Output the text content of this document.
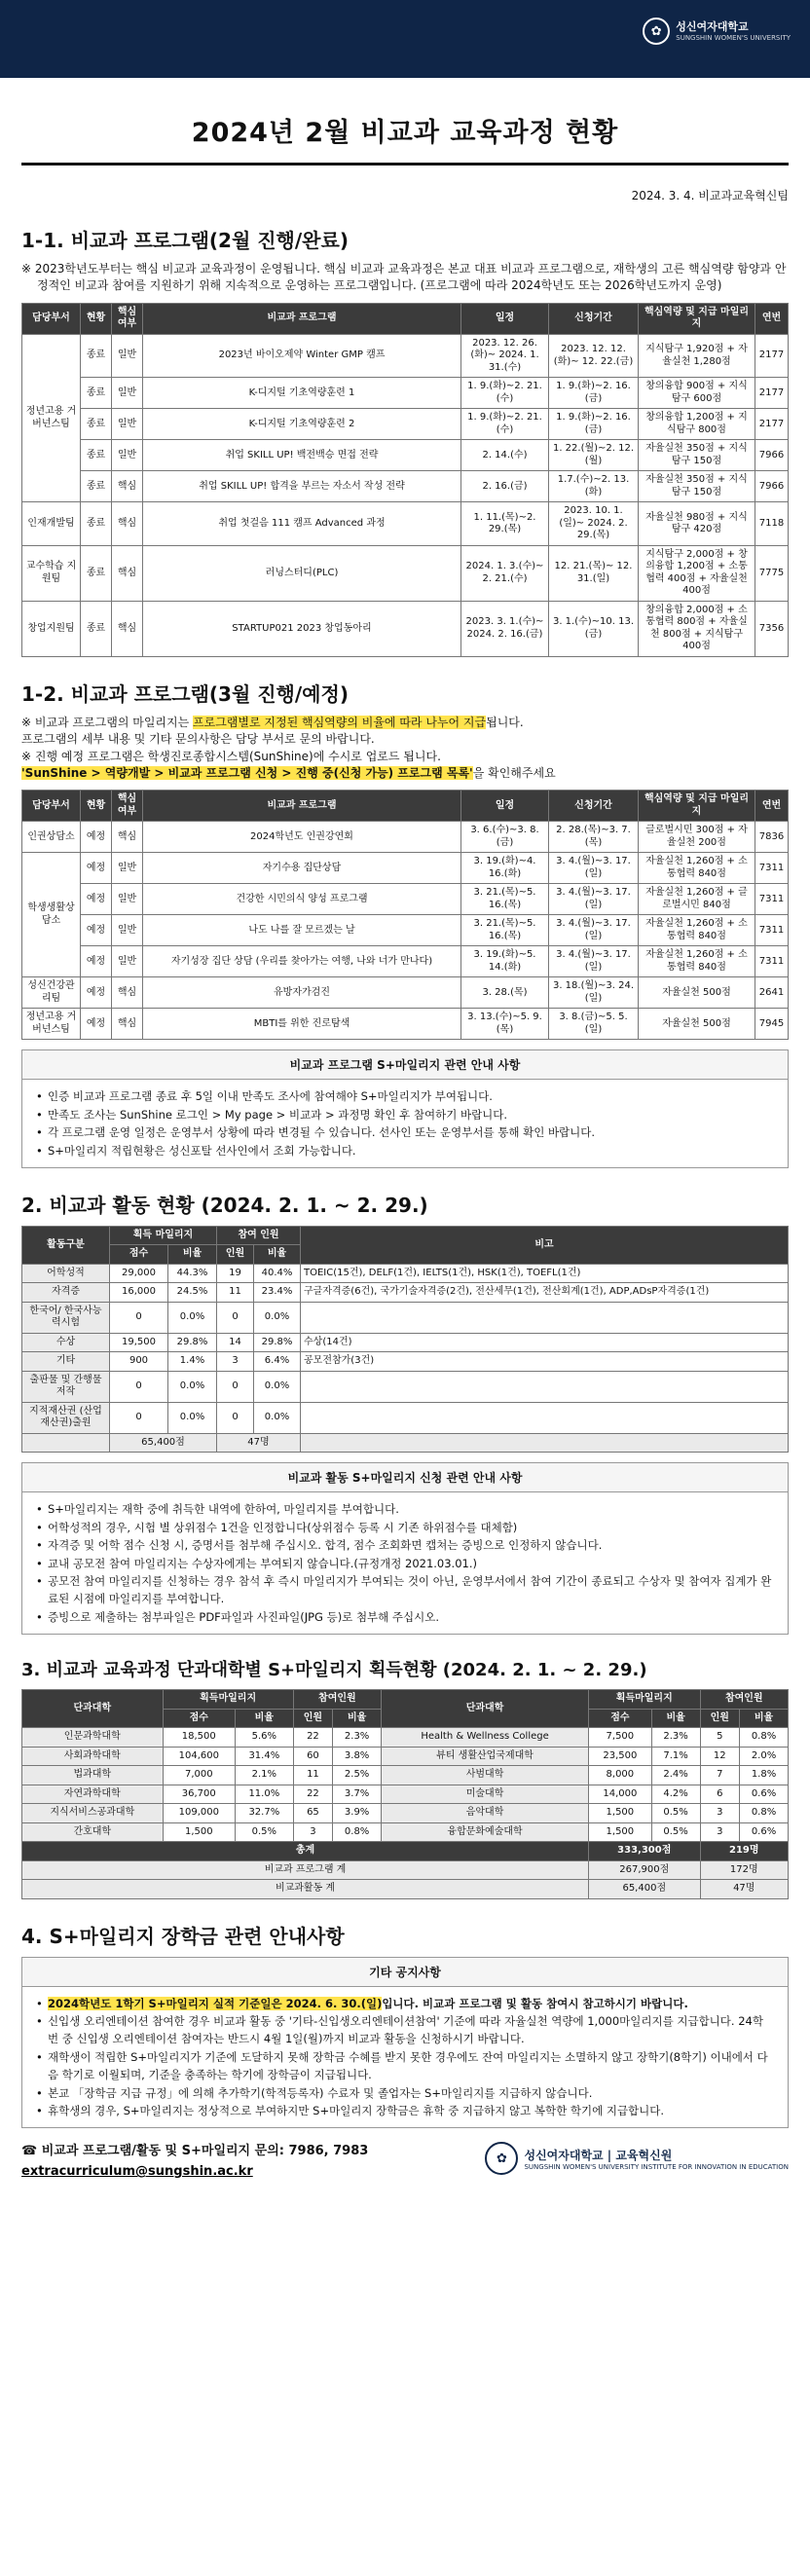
✿	성신여자대학교
SUNGSHIN WOMEN'S UNIVERSITY
2024년 2월 비교과 교육과정 현황
2024. 3. 4. 비교과교육혁신팀
1-1. 비교과 프로그램(2월 진행/완료)

※ 2023학년도부터는 핵심 비교과 교육과정이 운영됩니다. 핵심 비교과 교육과정은 본교 대표 비교과 프로그램으로, 재학생의 고른 핵심역량 함양과 안정적인 비교과 참여를 지원하기 위해 지속적으로 운영하는 프로그램입니다. (프로그램에 따라 2024학년도 또는 2026학년도까지 운영)

담당부서	현황	핵심여부	비교과 프로그램	일정	신청기간	핵심역량 및 지급 마일리지	연번
정년고용 거버넌스팀	종료	일반	2023년 바이오제약 Winter GMP 캠프	2023. 12. 26.(화)~ 2024. 1. 31.(수)	2023. 12. 12.(화)~ 12. 22.(금)	지식탐구 1,920점 + 자율실천 1,280점	2177
	종료	일반	K-디지털 기초역량훈련 1	1. 9.(화)~2. 21.(수)	1. 9.(화)~2. 16.(금)	창의융합 900점 + 지식탐구 600점	2177
	종료	일반	K-디지털 기초역량훈련 2	1. 9.(화)~2. 21.(수)	1. 9.(화)~2. 16.(금)	창의융합 1,200점 + 지식탐구 800점	2177
	종료	일반	취업 SKILL UP! 백전백승 면접 전략	2. 14.(수)	1. 22.(월)~2. 12.(월)	자율실천 350점 + 지식탐구 150점	7966
	종료	핵심	취업 SKILL UP! 합격을 부르는 자소서 작성 전략	2. 16.(금)	1.7.(수)~2. 13.(화)	자율실천 350점 + 지식탐구 150점	7966
인재개발팀	종료	핵심	취업 첫걸음 111 캠프 Advanced 과정	1. 11.(목)~2. 29.(목)	2023. 10. 1.(일)~ 2024. 2. 29.(목)	자율실천 980점 + 지식탐구 420점	7118
교수학습 지원팀	종료	핵심	러닝스터디(PLC)	2024. 1. 3.(수)~ 2. 21.(수)	12. 21.(목)~ 12. 31.(일)	지식탐구 2,000점 + 창의융합 1,200점 + 소통협력 400점 + 자율실천 400점	7775
창업지원팀	종료	핵심	STARTUP021 2023 창업동아리	2023. 3. 1.(수)~ 2024. 2. 16.(금)	3. 1.(수)~10. 13.(금)	창의융합 2,000점 + 소통협력 800점 + 자율실천 800점 + 지식탐구 400점	7356
1-2. 비교과 프로그램(3월 진행/예정)

※ 비교과 프로그램의 마일리지는 프로그램별로 지정된 핵심역량의 비율에 따라 나누어 지급됩니다.

프로그램의 세부 내용 및 기타 문의사항은 담당 부서로 문의 바랍니다.

※ 진행 예정 프로그램은 학생진로종합시스템(SunShine)에 수시로 업로드 됩니다.

'SunShine > 역량개발 > 비교과 프로그램 신청 > 진행 중(신청 가능) 프로그램 목록'을 확인해주세요

담당부서	현황	핵심여부	비교과 프로그램	일정	신청기간	핵심역량 및 지급 마일리지	연번
인권상담소	예정	핵심	2024학년도 인권강연회	3. 6.(수)~3. 8.(금)	2. 28.(목)~3. 7.(목)	글로벌시민 300점 + 자율실천 200점	7836
학생생활상담소	예정	일반	자기수용 집단상담	3. 19.(화)~4. 16.(화)	3. 4.(월)~3. 17.(일)	자율실천 1,260점 + 소통협력 840점	7311
	예정	일반	건강한 시민의식 양성 프로그램	3. 21.(목)~5. 16.(목)	3. 4.(월)~3. 17.(일)	자율실천 1,260점 + 글로벌시민 840점	7311
	예정	일반	나도 나를 잘 모르겠는 날	3. 21.(목)~5. 16.(목)	3. 4.(월)~3. 17.(일)	자율실천 1,260점 + 소통협력 840점	7311
	예정	일반	자기성장 집단 상담 (우리를 찾아가는 여행, 나와 너가 만나다)	3. 19.(화)~5. 14.(화)	3. 4.(월)~3. 17.(일)	자율실천 1,260점 + 소통협력 840점	7311
성신건강관리팀	예정	핵심	유방자가검진	3. 28.(목)	3. 18.(월)~3. 24.(일)	자율실천 500점	2641
정년고용 거버넌스팀	예정	핵심	MBTI를 위한 진로탐색	3. 13.(수)~5. 9.(목)	3. 8.(금)~5. 5.(일)	자율실천 500점	7945
비교과 프로그램 S+마일리지 관련 안내 사항
• 인증 비교과 프로그램 종료 후 5일 이내 만족도 조사에 참여해야 S+마일리지가 부여됩니다.
• 만족도 조사는 SunShine 로그인 > My page > 비교과 > 과정명 확인 후 참여하기 바랍니다.
• 각 프로그램 운영 일정은 운영부서 상황에 따라 변경될 수 있습니다. 선사인 또는 운영부서를 통해 확인 바랍니다.
• S+마일리지 적립현황은 성신포탈 선사인에서 조회 가능합니다.
2. 비교과 활동 현황 (2024. 2. 1. ~ 2. 29.)
활동구분	획득 마일리지		참여 인원		비고
	점수	비율	인원	비율	
어학성적	29,000	44.3%	19	40.4%	TOEIC(15건), DELF(1건), IELTS(1건), HSK(1건), TOEFL(1건)
자격증	16,000	24.5%	11	23.4%	구글자격증(6건), 국가기술자격증(2건), 전산세무(1건), 전산회계(1건), ADP,ADsP자격증(1건)
한국어/ 한국사능력시험	0	0.0%	0	0.0%	
수상	19,500	29.8%	14	29.8%	수상(14건)
기타	900	1.4%	3	6.4%	공모전참가(3건)
출판물 및 간행물 저작	0	0.0%	0	0.0%	
지적재산권 (산업재산권)출원	0	0.0%	0	0.0%	
	65,400점		47명		
비교과 활동 S+마일리지 신청 관련 안내 사항
• S+마일리지는 재학 중에 취득한 내역에 한하여, 마일리지를 부여합니다.
• 어학성적의 경우, 시험 별 상위점수 1건을 인정합니다(상위점수 등록 시 기존 하위점수를 대체함)
• 자격증 및 어학 점수 신청 시, 증명서를 첨부해 주십시오. 합격, 점수 조회화면 캡쳐는 증빙으로 인정하지 않습니다.
• 교내 공모전 참여 마일리지는 수상자에게는 부여되지 않습니다.(규정개정 2021.03.01.)
• 공모전 참여 마일리지를 신청하는 경우 참석 후 즉시 마일리지가 부여되는 것이 아닌, 운영부서에서 참여 기간이 종료되고 수상자 및 참여자 집계가 완료된 시점에 마일리지를 부여합니다.
• 증빙으로 제출하는 첨부파일은 PDF파일과 사진파일(JPG 등)로 첨부해 주십시오.
3. 비교과 교육과정 단과대학별 S+마일리지 획득현황 (2024. 2. 1. ~ 2. 29.)
단과대학	획득마일리지		참여인원		단과대학	획득마일리지		참여인원	
	점수	비율	인원	비율		점수	비율	인원	비율
인문과학대학	18,500	5.6%	22	2.3%	Health & Wellness College	7,500	2.3%	5	0.8%
사회과학대학	104,600	31.4%	60	3.8%	뷰티 생활산업국제대학	23,500	7.1%	12	2.0%
법과대학	7,000	2.1%	11	2.5%	사범대학	8,000	2.4%	7	1.8%
자연과학대학	36,700	11.0%	22	3.7%	미술대학	14,000	4.2%	6	0.6%
지식서비스공과대학	109,000	32.7%	65	3.9%	음악대학	1,500	0.5%	3	0.8%
간호대학	1,500	0.5%	3	0.8%	융합문화예술대학	1,500	0.5%	3	0.6%
총계						333,300점		219명	
비교과 프로그램 계						267,900점		172명	
비교과활동 계						65,400점		47명	
4. S+마일리지 장학금 관련 안내사항
기타 공지사항
• 2024학년도 1학기 S+마일리지 실적 기준일은 2024. 6. 30.(일)입니다. 비교과 프로그램 및 활동 참여시 참고하시기 바랍니다.
• 신입생 오리엔테이션 참여한 경우 비교과 활동 중 '기타-신입생오리엔테이션참여' 기준에 따라 자율실천 역량에 1,000마일리지를 지급합니다. 24학번 중 신입생 오리엔테이션 참여자는 반드시 4월 1일(월)까지 비교과 활동을 신청하시기 바랍니다.
• 재학생이 적립한 S+마일리지가 기준에 도달하지 못해 장학금 수혜를 받지 못한 경우에도 잔여 마일리지는 소멸하지 않고 장학기(8학기) 이내에서 다음 학기로 이월되며, 기준을 충족하는 학기에 장학금이 지급됩니다.
• 본교 「장학금 지급 규정」에 의해 추가학기(학적등록자) 수료자 및 졸업자는 S+마일리지를 지급하지 않습니다.
• 휴학생의 경우, S+마일리지는 정상적으로 부여하지만 S+마일리지 장학금은 휴학 중 지급하지 않고 복학한 학기에 지급합니다.
☎ 비교과 프로그램/활동 및 S+마일리지 문의: 7986, 7983
extracurriculum@sungshin.ac.kr
✿	성신여자대학교 | 교육혁신원
SUNGSHIN WOMEN'S UNIVERSITY INSTITUTE FOR INNOVATION IN EDUCATION
